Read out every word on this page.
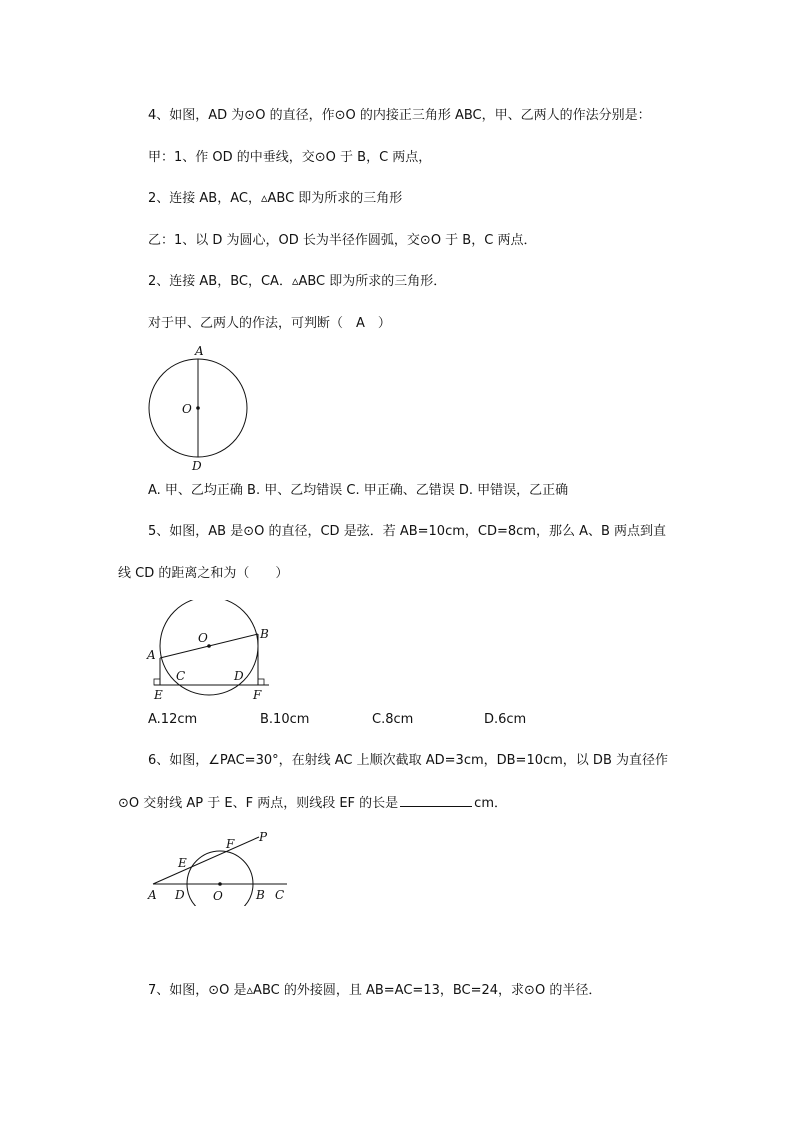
4、如图，AD 为⊙O 的直径，作⊙O 的内接正三角形 ABC，甲、乙两人的作法分别是：
甲：1、作 OD 的中垂线，交⊙O 于 B，C 两点，
2、连接 AB，AC，▵ABC 即为所求的三角形
乙：1、以 D 为圆心，OD 长为半径作圆弧，交⊙O 于 B，C 两点．
2、连接 AB，BC，CA．▵ABC 即为所求的三角形．
对于甲、乙两人的作法，可判断（　A　）
A
O
D
A. 甲、乙均正确 B. 甲、乙均错误 C. 甲正确、乙错误 D. 甲错误，乙正确
5、如图，AB 是⊙O 的直径，CD 是弦．若 AB=10cm，CD=8cm，那么 A、B 两点到直
线 CD 的距离之和为（　　）
O	B
A
C	D
E	F
A.12cm	B.10cm	C.8cm	D.6cm
6、如图，∠PAC=30°，在射线 AC 上顺次截取 AD=3cm，DB=10cm，以 DB 为直径作
⊙O 交射线 AP 于 E、F 两点，则线段 EF 的长是	cm．
A D O	B C
E
F P
7、如图，⊙O 是▵ABC 的外接圆，且 AB=AC=13，BC=24，求⊙O 的半径．
